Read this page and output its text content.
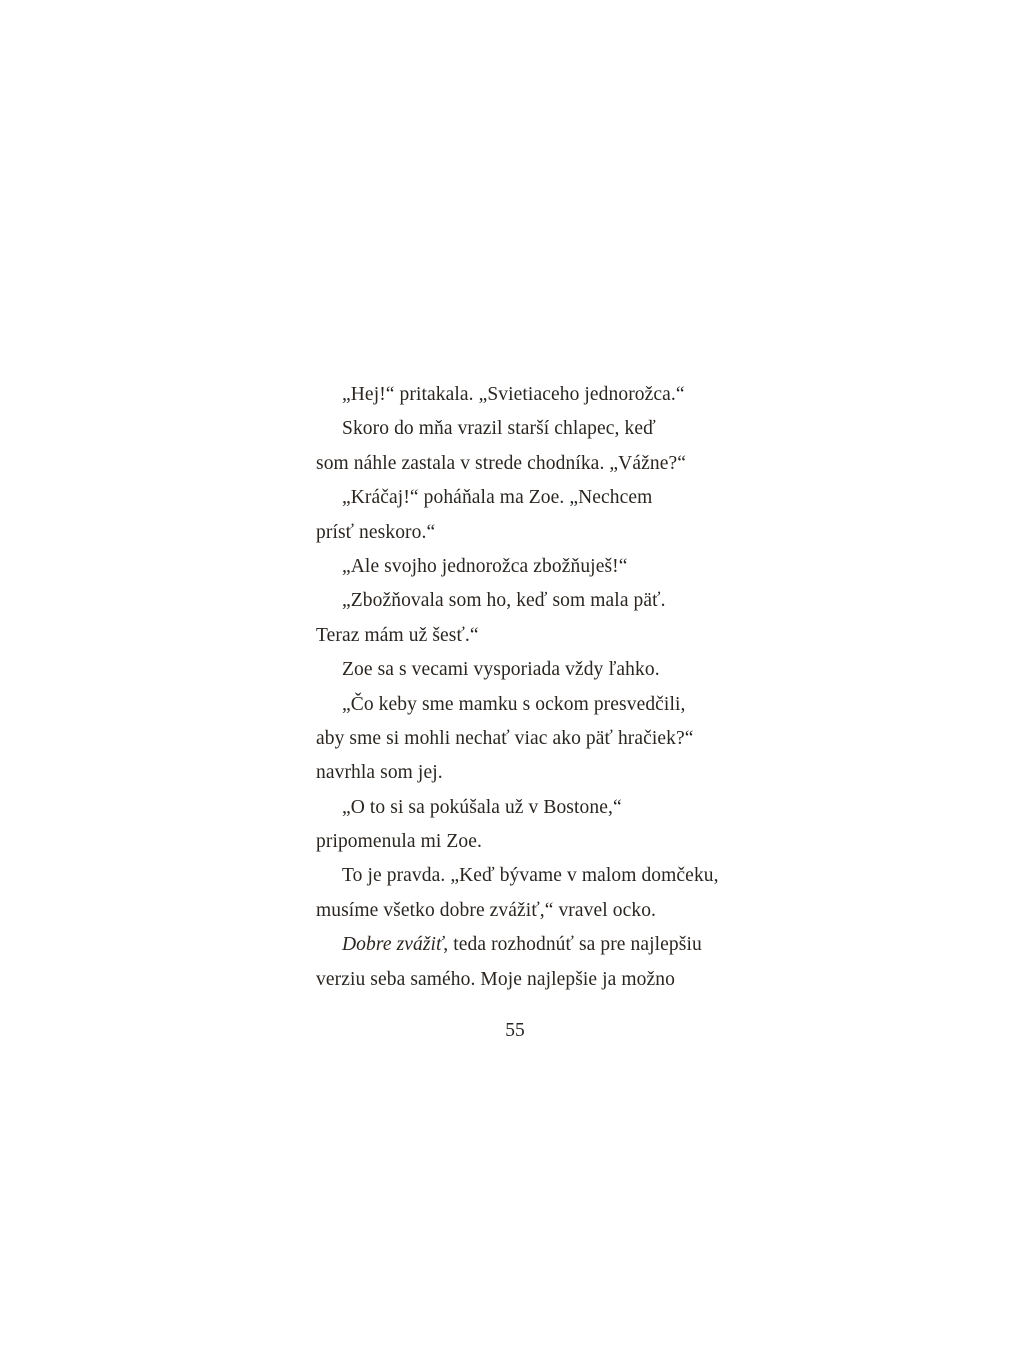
„Hej!“ pritakala. „Svietiaceho jednorožca.“
Skoro do mňa vrazil starší chlapec, keď
som náhle zastala v strede chodníka. „Vážne?“
„Kráčaj!“ poháňala ma Zoe. „Nechcem
prísť neskoro.“
„Ale svojho jednorožca zbožňuješ!“
„Zbožňovala som ho, keď som mala päť.
Teraz mám už šesť.“
Zoe sa s vecami vysporiada vždy ľahko.
„Čo keby sme mamku s ockom presvedčili,
aby sme si mohli nechať viac ako päť hračiek?“
navrhla som jej.
„O to si sa pokúšala už v Bostone,“
pripomenula mi Zoe.
To je pravda. „Keď bývame v malom domčeku,
musíme všetko dobre zvážiť,“ vravel ocko.
Dobre zvážiť, teda rozhodnúť sa pre najlepšiu
verziu seba samého. Moje najlepšie ja možno
55
